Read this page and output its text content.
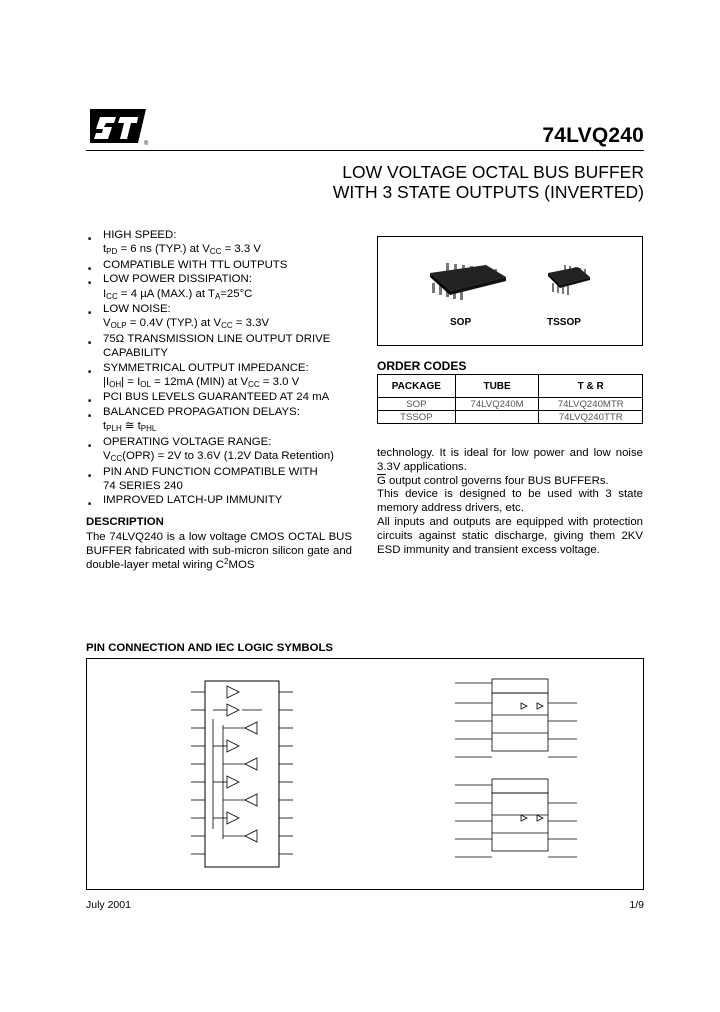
®	74LVQ240
LOW VOLTAGE OCTAL BUS BUFFER
WITH 3 STATE OUTPUTS (INVERTED)
■ HIGH SPEED:
tPD = 6 ns (TYP.) at VCC = 3.3 V
■ COMPATIBLE WITH TTL OUTPUTS
■ LOW POWER DISSIPATION:
ICC = 4 µA (MAX.) at TA=25°C
■ LOW NOISE:
VOLP = 0.4V (TYP.) at VCC = 3.3V
■ 75Ω TRANSMISSION LINE OUTPUT DRIVE
CAPABILITY
■ SYMMETRICAL OUTPUT IMPEDANCE:
|IOH| = IOL = 12mA (MIN) at VCC = 3.0 V
■ PCI BUS LEVELS GUARANTEED AT 24 mA
■ BALANCED PROPAGATION DELAYS:
tPLH ≅ tPHL
■ OPERATING VOLTAGE RANGE:
VCC(OPR) = 2V to 3.6V (1.2V Data Retention)
■ PIN AND FUNCTION COMPATIBLE WITH
74 SERIES 240
■ IMPROVED LATCH-UP IMMUNITY
SOP	TSSOP
ORDER CODES
PACKAGE	TUBE	T & R
SOP	74LVQ240M	74LVQ240MTR
TSSOP		74LVQ240TTR

technology. It is ideal for low power and low noise 3.3V applications.

$\overline{G}$ output control governs four BUS BUFFERs.

This device is designed to be used with 3 state memory address drivers, etc.

All inputs and outputs are equipped with protection circuits against static discharge, giving them 2KV ESD immunity and transient excess voltage.

DESCRIPTION
The 74LVQ240 is a low voltage CMOS OCTAL BUS BUFFER fabricated with sub-micron silicon gate and double-layer metal wiring $C^2MOS$
PIN CONNECTION AND IEC LOGIC SYMBOLS
July 2001	1/9
